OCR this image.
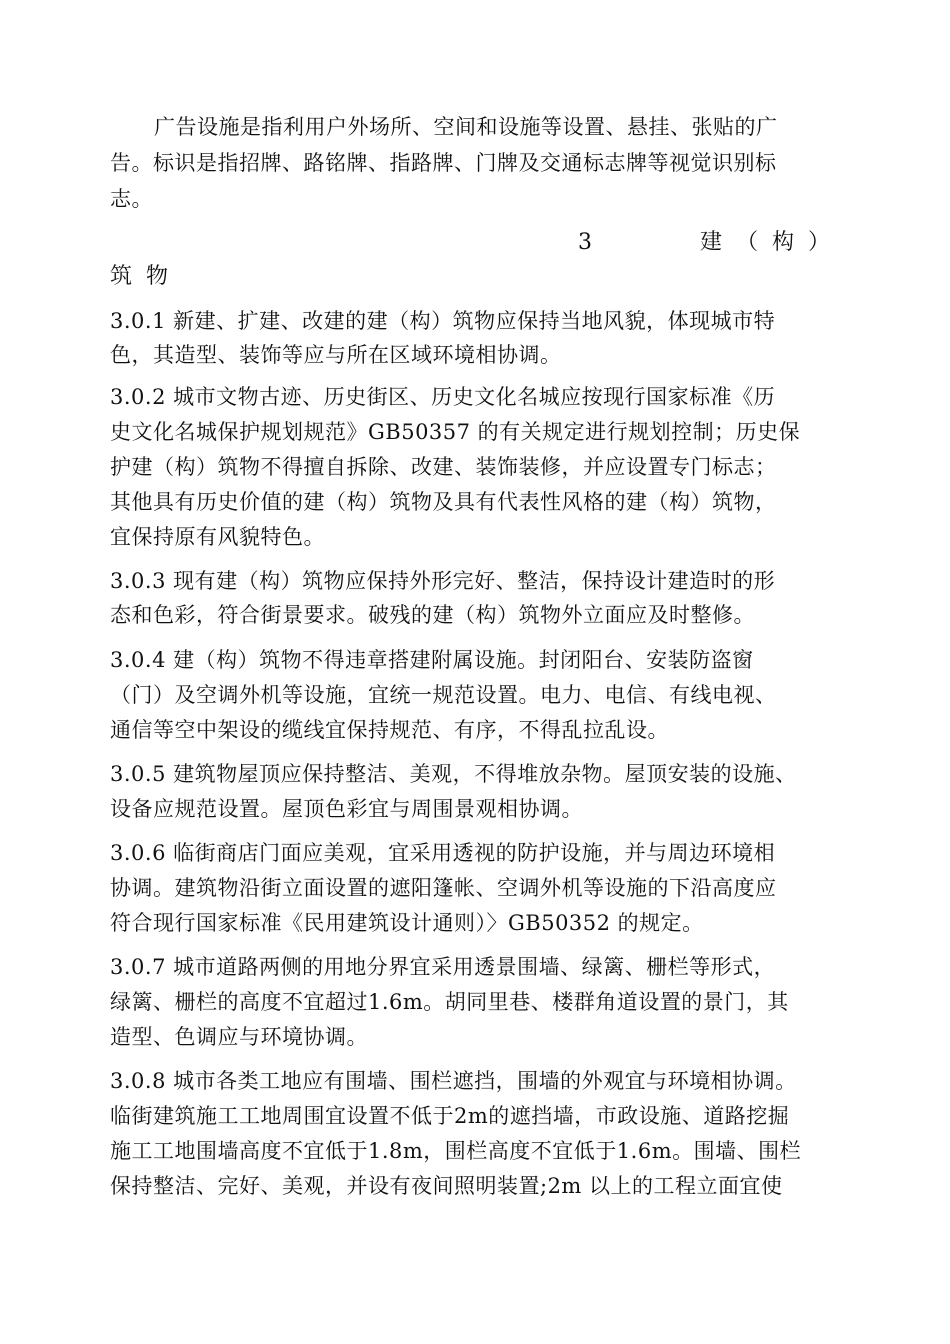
广告设施是指利用户外场所、空间和设施等设置、悬挂、张贴的广
告。标识是指招牌、路铭牌、指路牌、门牌及交通标志牌等视觉识别标
志。
3	建（构）
筑物
3.0.1 新建、扩建、改建的建（构）筑物应保持当地风貌，体现城市特
色，其造型、装饰等应与所在区域环境相协调。
3.0.2 城市文物古迹、历史街区、历史文化名城应按现行国家标准《历
史文化名城保护规划规范》GB50357 的有关规定进行规划控制；历史保
护建（构）筑物不得擅自拆除、改建、装饰装修，并应设置专门标志；
其他具有历史价值的建（构）筑物及具有代表性风格的建（构）筑物，
宜保持原有风貌特色。
3.0.3 现有建（构）筑物应保持外形完好、整洁，保持设计建造时的形
态和色彩，符合街景要求。破残的建（构）筑物外立面应及时整修。
3.0.4 建（构）筑物不得违章搭建附属设施。封闭阳台、安装防盗窗
（门）及空调外机等设施，宜统一规范设置。电力、电信、有线电视、
通信等空中架设的缆线宜保持规范、有序，不得乱拉乱设。
3.0.5 建筑物屋顶应保持整洁、美观，不得堆放杂物。屋顶安装的设施、
设备应规范设置。屋顶色彩宜与周围景观相协调。
3.0.6 临街商店门面应美观，宜采用透视的防护设施，并与周边环境相
协调。建筑物沿街立面设置的遮阳篷帐、空调外机等设施的下沿高度应
符合现行国家标准《民用建筑设计通则）〉GB50352 的规定。
3.0.7 城市道路两侧的用地分界宜采用透景围墙、绿篱、栅栏等形式，
绿篱、栅栏的高度不宜超过1.6m。胡同里巷、楼群角道设置的景门，其
造型、色调应与环境协调。
3.0.8 城市各类工地应有围墙、围栏遮挡，围墙的外观宜与环境相协调。
临街建筑施工工地周围宜设置不低于2m的遮挡墙，市政设施、道路挖掘
施工工地围墙高度不宜低于1.8m，围栏高度不宜低于1.6m。围墙、围栏
保持整洁、完好、美观，并设有夜间照明装置;2m 以上的工程立面宜使
